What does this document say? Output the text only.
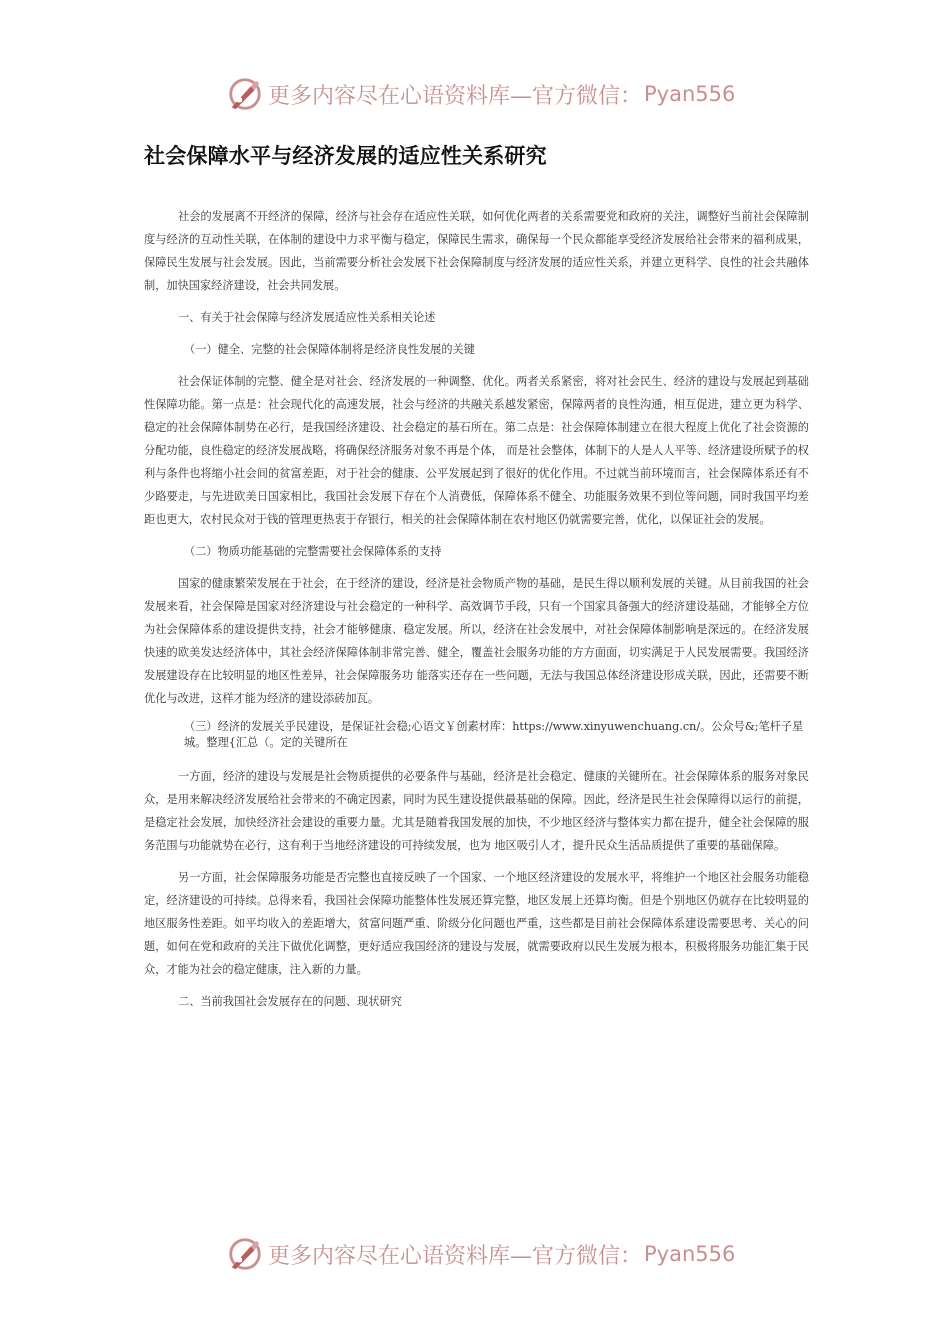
更多内容尽在心语资料库—官方微信： Pyan556
社会保障水平与经济发展的适应性关系研究

社会的发展离不开经济的保障，经济与社会存在适应性关联，如何优化两者的关系需要党和政府的关注，调整好当前社会保障制度与经济的互动性关联，在体制的建设中力求平衡与稳定，保障民生需求，确保每一个民众都能享受经济发展给社会带来的福利成果，保障民生发展与社会发展。因此，当前需要分析社会发展下社会保障制度与经济发展的适应性关系，并建立更科学、良性的社会共融体制，加快国家经济建设，社会共同发展。

一、有关于社会保障与经济发展适应性关系相关论述

（一）健全、完整的社会保障体制将是经济良性发展的关键

社会保证体制的完整、健全是对社会、经济发展的一种调整、优化。两者关系紧密，将对社会民生、经济的建设与发展起到基础性保障功能。第一点是：社会现代化的高速发展，社会与经济的共融关系越发紧密，保障两者的良性沟通，相互促进，建立更为科学、稳定的社会保障体制势在必行，是我国经济建设、社会稳定的基石所在。第二点是：社会保障体制建立在很大程度上优化了社会资源的分配功能，良性稳定的经济发展战略，将确保经济服务对象不再是个体， 而是社会整体，体制下的人是人人平等、经济建设所赋予的权利与条件也将缩小社会间的贫富差距，对于社会的健康、公平发展起到了很好的优化作用。不过就当前环境而言，社会保障体系还有不少路要走，与先进欧美日国家相比，我国社会发展下存在个人消费低，保障体系不健全、功能服务效果不到位等问题，同时我国平均差距也更大，农村民众对于钱的管理更热衷于存银行，相关的社会保障体制在农村地区仍就需要完善，优化，以保证社会的发展。

（二）物质功能基础的完整需要社会保障体系的支持

国家的健康繁荣发展在于社会，在于经济的建设，经济是社会物质产物的基础，是民生得以顺利发展的关键。从目前我国的社会发展来看，社会保障是国家对经济建设与社会稳定的一种科学、高效调节手段，只有一个国家具备强大的经济建设基础，才能够全方位为社会保障体系的建设提供支持，社会才能够健康、稳定发展。所以，经济在社会发展中，对社会保障体制影响是深远的。在经济发展快速的欧美发达经济体中，其社会经济保障体制非常完善、健全，覆盖社会服务功能的方方面面，切实满足于人民发展需要。我国经济发展建设存在比较明显的地区性差异，社会保障服务功 能落实还存在一些问题，无法与我国总体经济建设形成关联，因此，还需要不断优化与改进，这样才能为经济的建设添砖加瓦。

（三）经济的发展关乎民建设，是保证社会稳;心语文￥创素材库：https://www.xinyuwenchuang.cn/。公众号&;笔杆子星城。整理{汇总（。定的关键所在

一方面，经济的建设与发展是社会物质提供的必要条件与基础，经济是社会稳定、健康的关键所在。社会保障体系的服务对象民众，是用来解决经济发展给社会带来的不确定因素，同时为民生建设提供最基础的保障。因此，经济是民生社会保障得以运行的前提，是稳定社会发展，加快经济社会建设的重要力量。尤其是随着我国发展的加快，不少地区经济与整体实力都在提升，健全社会保障的服务范围与功能就势在必行，这有利于当地经济建设的可持续发展，也为 地区吸引人才，提升民众生活品质提供了重要的基础保障。

另一方面，社会保障服务功能是否完整也直接反映了一个国家、一个地区经济建设的发展水平，将维护一个地区社会服务功能稳定，经济建设的可持续。总得来看，我国社会保障功能整体性发展还算完整，地区发展上还算均衡。但是个别地区仍就存在比较明显的地区服务性差距。如平均收入的差距增大，贫富问题严重、阶级分化问题也严重，这些都是目前社会保障体系建设需要思考、关心的问题，如何在党和政府的关注下做优化调整，更好适应我国经济的建设与发展，就需要政府以民生发展为根本，积极将服务功能汇集于民众，才能为社会的稳定健康，注入新的力量。

二、当前我国社会发展存在的问题、现状研究

更多内容尽在心语资料库—官方微信： Pyan556
